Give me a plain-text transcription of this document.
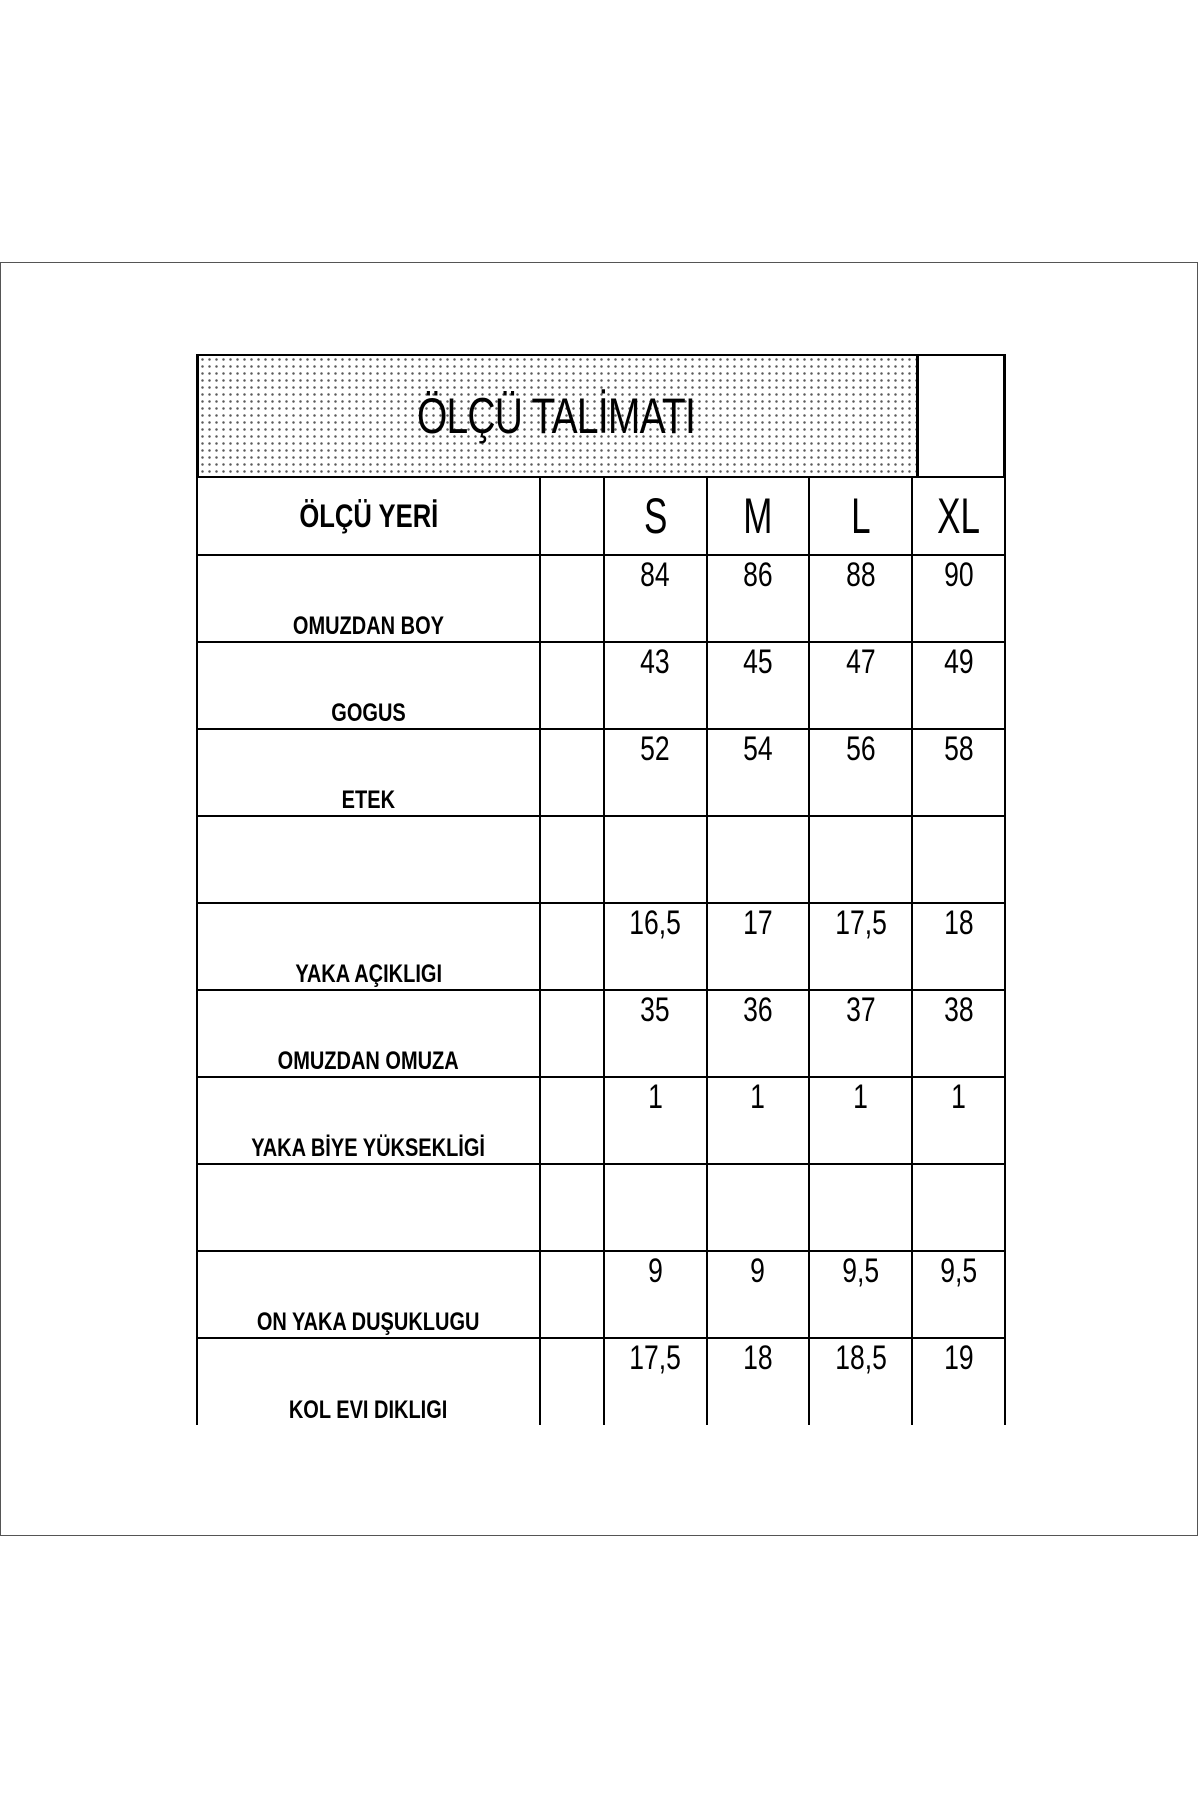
ÖLÇÜ TALİMATI
ÖLÇÜ YERİ		S	M	L	XL
OMUZDAN BOY		84	86	88	90
GOGUS		43	45	47	49
ETEK		52	54	56	58

YAKA AÇIKLIGI		16,5	17	17,5	18
OMUZDAN OMUZA		35	36	37	38
YAKA BİYE YÜKSEKLİGİ		1	1	1	1

ON YAKA DUŞUKLUGU		9	9	9,5	9,5
KOL EVI DIKLIGI		17,5	18	18,5	19
